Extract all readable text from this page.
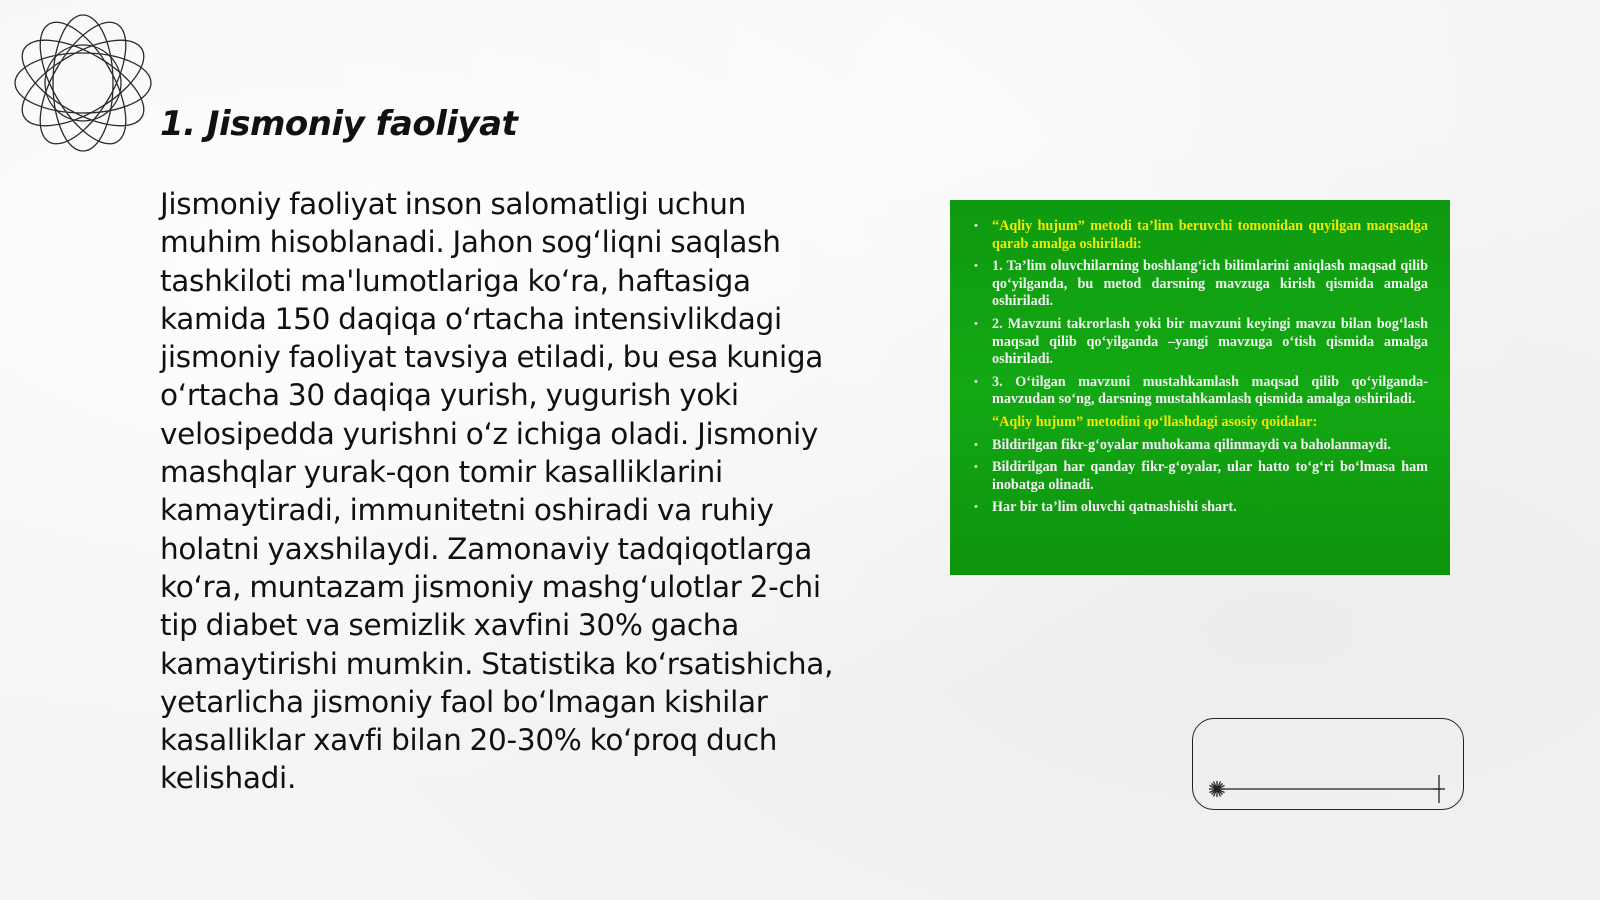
1. Jismoniy faoliyat

Jismoniy faoliyat inson salomatligi uchun muhim hisoblanadi. Jahon sog‘liqni saqlash tashkiloti ma'lumotlariga ko‘ra, haftasiga kamida 150 daqiqa o‘rtacha intensivlikdagi jismoniy faoliyat tavsiya etiladi, bu esa kuniga o‘rtacha 30 daqiqa yurish, yugurish yoki velosipedda yurishni o‘z ichiga oladi. Jismoniy mashqlar yurak-qon tomir kasalliklarini kamaytiradi, immunitetni oshiradi va ruhiy holatni yaxshilaydi. Zamonaviy tadqiqotlarga ko‘ra, muntazam jismoniy mashg‘ulotlar 2-chi tip diabet va semizlik xavfini 30% gacha kamaytirishi mumkin. Statistika ko‘rsatishicha, yetarlicha jismoniy faol bo‘lmagan kishilar kasalliklar xavfi bilan 20-30% ko‘proq duch kelishadi.

• “Aqliy hujum” metodi ta’lim beruvchi tomonidan quyilgan maqsadga qarab amalga oshiriladi:
• 1. Ta’lim oluvchilarning boshlang‘ich bilimlarini aniqlash maqsad qilib qo‘yilganda, bu metod darsning mavzuga kirish qismida amalga oshiriladi.
• 2. Mavzuni takrorlash yoki bir mavzuni keyingi mavzu bilan bog‘lash maqsad qilib qo‘yilganda –yangi mavzuga o‘tish qismida amalga oshiriladi.
• 3. O‘tilgan mavzuni mustahkamlash maqsad qilib qo‘yilganda-mavzudan so‘ng, darsning mustahkamlash qismida amalga oshiriladi.
“Aqliy hujum” metodini qo‘llashdagi asosiy qoidalar:
• Bildirilgan fikr-g‘oyalar muhokama qilinmaydi va baholanmaydi.
• Bildirilgan har qanday fikr-g‘oyalar, ular hatto to‘g‘ri bo‘lmasa ham inobatga olinadi.
• Har bir ta’lim oluvchi qatnashishi shart.
